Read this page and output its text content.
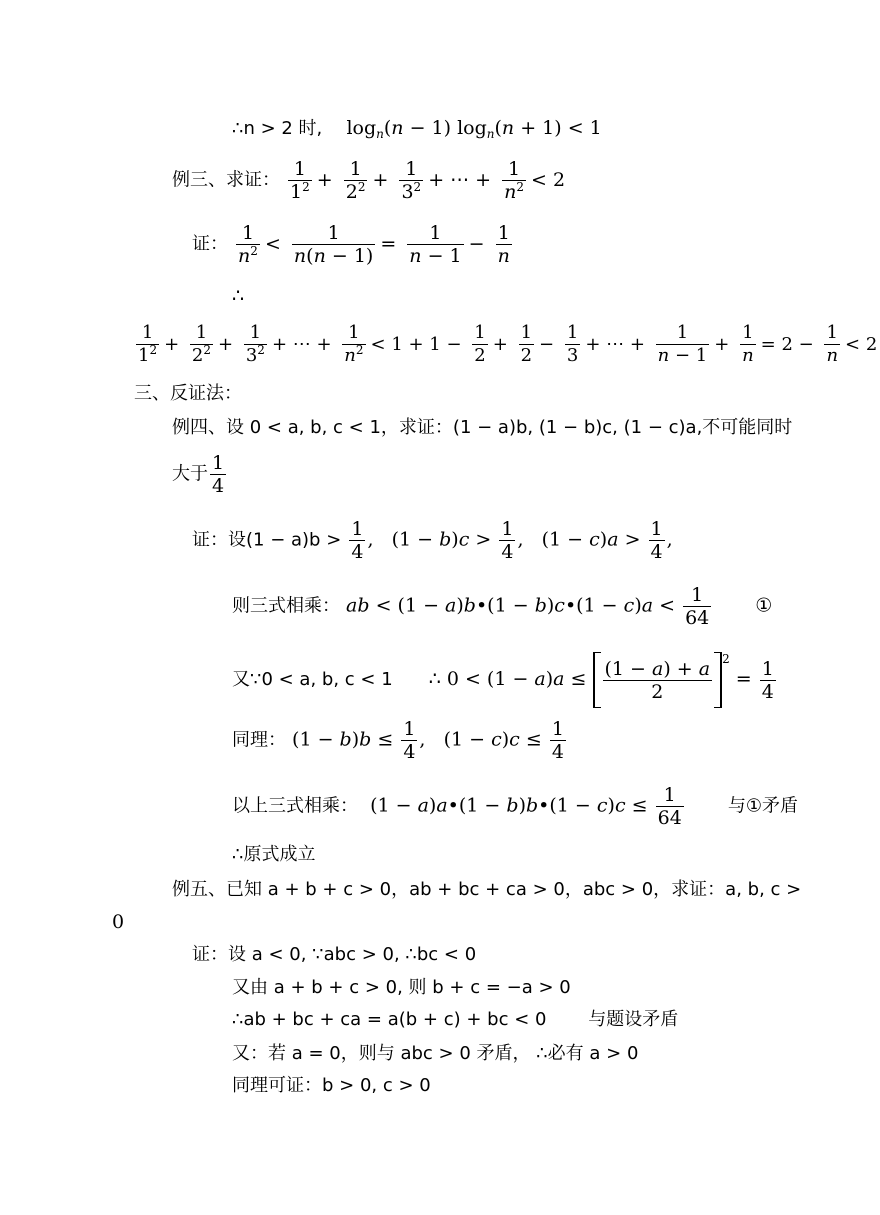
∴n > 2 时, $\log_n(n - 1) \log_n(n + 1) < 1$
例三、求证： $\frac{1}{1^2} + \frac{1}{2^2} + \frac{1}{3^2}$ + ⋯ + $\frac{1}{n^2} < 2$
证： $\frac{1}{n^2} < \frac{1}{n(n - 1)} = \frac{1}{n - 1} - \frac{1}{n}$
∴
$\frac{1}{1^2} + \frac{1}{2^2} + \frac{1}{3^2}$ + ⋯ + $\frac{1}{n^2} < 1 + 1 - \frac{1}{2} + \frac{1}{2} - \frac{1}{3}$ + ⋯ + $\frac{1}{n - 1} + \frac{1}{n} = 2 - \frac{1}{n} < 2$
三、反证法：
例四、设 0 < a, b, c < 1，求证：(1 − a)b, (1 − b)c, (1 − c)a,不可能同时
大于 $\frac{1}{4}$
证：设$(1 - a)b > \frac{1}{4}$ ,   $(1 - b)c > \frac{1}{4}$ ,   $(1 - c)a > \frac{1}{4}$ ,
则三式相乘： ab < (1 − a)b•(1 − b)c•(1 − $c)a < \frac{1}{64}$ ①
又∵0 < a, b, c < 1 ∴ $0 < (1 - a)a \le \frac{(1 - a) + a}{2} ^2 = \frac{1}{4}$
同理： $(1 - b)b \le \frac{1}{4}$ ,   $(1 - c)c \le \frac{1}{4}$
以上三式相乘：  (1 − a)a•(1 − b)b•(1 − $c)c \le \frac{1}{64}$ 与①矛盾
∴原式成立
例五、已知 a + b + c > 0，ab + bc + ca > 0，abc > 0，求证：a, b, c >
0
证：设 a < 0, ∵abc > 0, ∴bc < 0
又由 a + b + c > 0, 则 b + c = −a > 0
∴ab + bc + ca = a(b + c) + bc < 0 与题设矛盾
又：若 a = 0，则与 abc > 0 矛盾， ∴必有 a > 0
同理可证：b > 0, c > 0
